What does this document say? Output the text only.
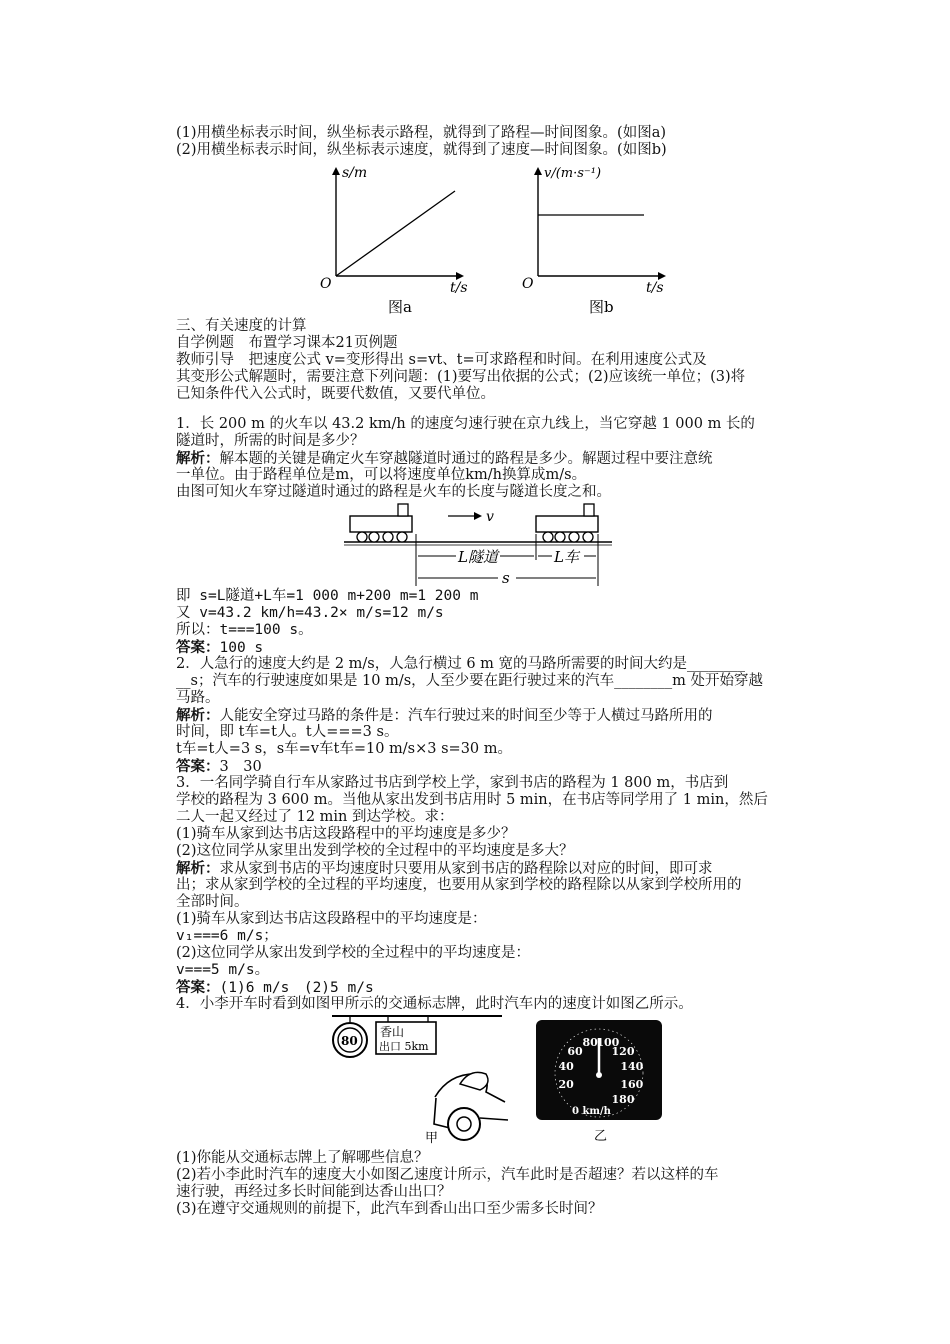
(1)用横坐标表示时间，纵坐标表示路程，就得到了路程—时间图象。(如图a)
(2)用横坐标表示时间，纵坐标表示速度，就得到了速度—时间图象。(如图b)
s/m
t/s
O
图a
v/(m·s⁻¹)
t/s
O
图b
三、有关速度的计算
自学例题　布置学习课本21页例题
教师引导　把速度公式 v=变形得出 s=vt、t=可求路程和时间。在利用速度公式及
其变形公式解题时，需要注意下列问题：(1)要写出依据的公式；(2)应该统一单位；(3)将
已知条件代入公式时，既要代数值，又要代单位。
1．长 200 m 的火车以 43.2 km/h 的速度匀速行驶在京九线上，当它穿越 1 000 m 长的
隧道时，所需的时间是多少？
解析：解本题的关键是确定火车穿越隧道时通过的路程是多少。解题过程中要注意统
一单位。由于路程单位是m，可以将速度单位km/h换算成m/s。
由图可知火车穿过隧道时通过的路程是火车的长度与隧道长度之和。
v
L隧道	L车
s
即 s=L隧道+L车=1 000 m+200 m=1 200 m
又 v=43.2 km/h=43.2× m/s=12 m/s
所以：t===100 s。
答案：100 s
2．人急行的速度大约是 2 m/s，人急行横过 6 m 宽的马路所需要的时间大约是________
__s；汽车的行驶速度如果是 10 m/s，人至少要在距行驶过来的汽车________m 处开始穿越
马路。
解析：人能安全穿过马路的条件是：汽车行驶过来的时间至少等于人横过马路所用的
时间，即 t车=t人。t人===3 s。
t车=t人=3 s，s车=v车t车=10 m/s×3 s=30 m。
答案：3　30
3．一名同学骑自行车从家路过书店到学校上学，家到书店的路程为 1 800 m，书店到
学校的路程为 3 600 m。当他从家出发到书店用时 5 min，在书店等同学用了 1 min，然后
二人一起又经过了 12 min 到达学校。求：
(1)骑车从家到达书店这段路程中的平均速度是多少？
(2)这位同学从家里出发到学校的全过程中的平均速度是多大？
解析：求从家到书店的平均速度时只要用从家到书店的路程除以对应的时间，即可求
出；求从家到学校的全过程的平均速度，也要用从家到学校的路程除以从家到学校所用的
全部时间。
(1)骑车从家到达书店这段路程中的平均速度是：
v₁===6 m/s；
(2)这位同学从家出发到学校的全过程中的平均速度是：
v===5 m/s。
答案：(1)6 m/s　(2)5 m/s
4．小李开车时看到如图甲所示的交通标志牌，此时汽车内的速度计如图乙所示。
80
香山
出口 5km
甲
20
40
60
80
100
120
140
160
180
0 km/h
乙
(1)你能从交通标志牌上了解哪些信息？
(2)若小李此时汽车的速度大小如图乙速度计所示，汽车此时是否超速？若以这样的车
速行驶，再经过多长时间能到达香山出口？
(3)在遵守交通规则的前提下，此汽车到香山出口至少需多长时间？
